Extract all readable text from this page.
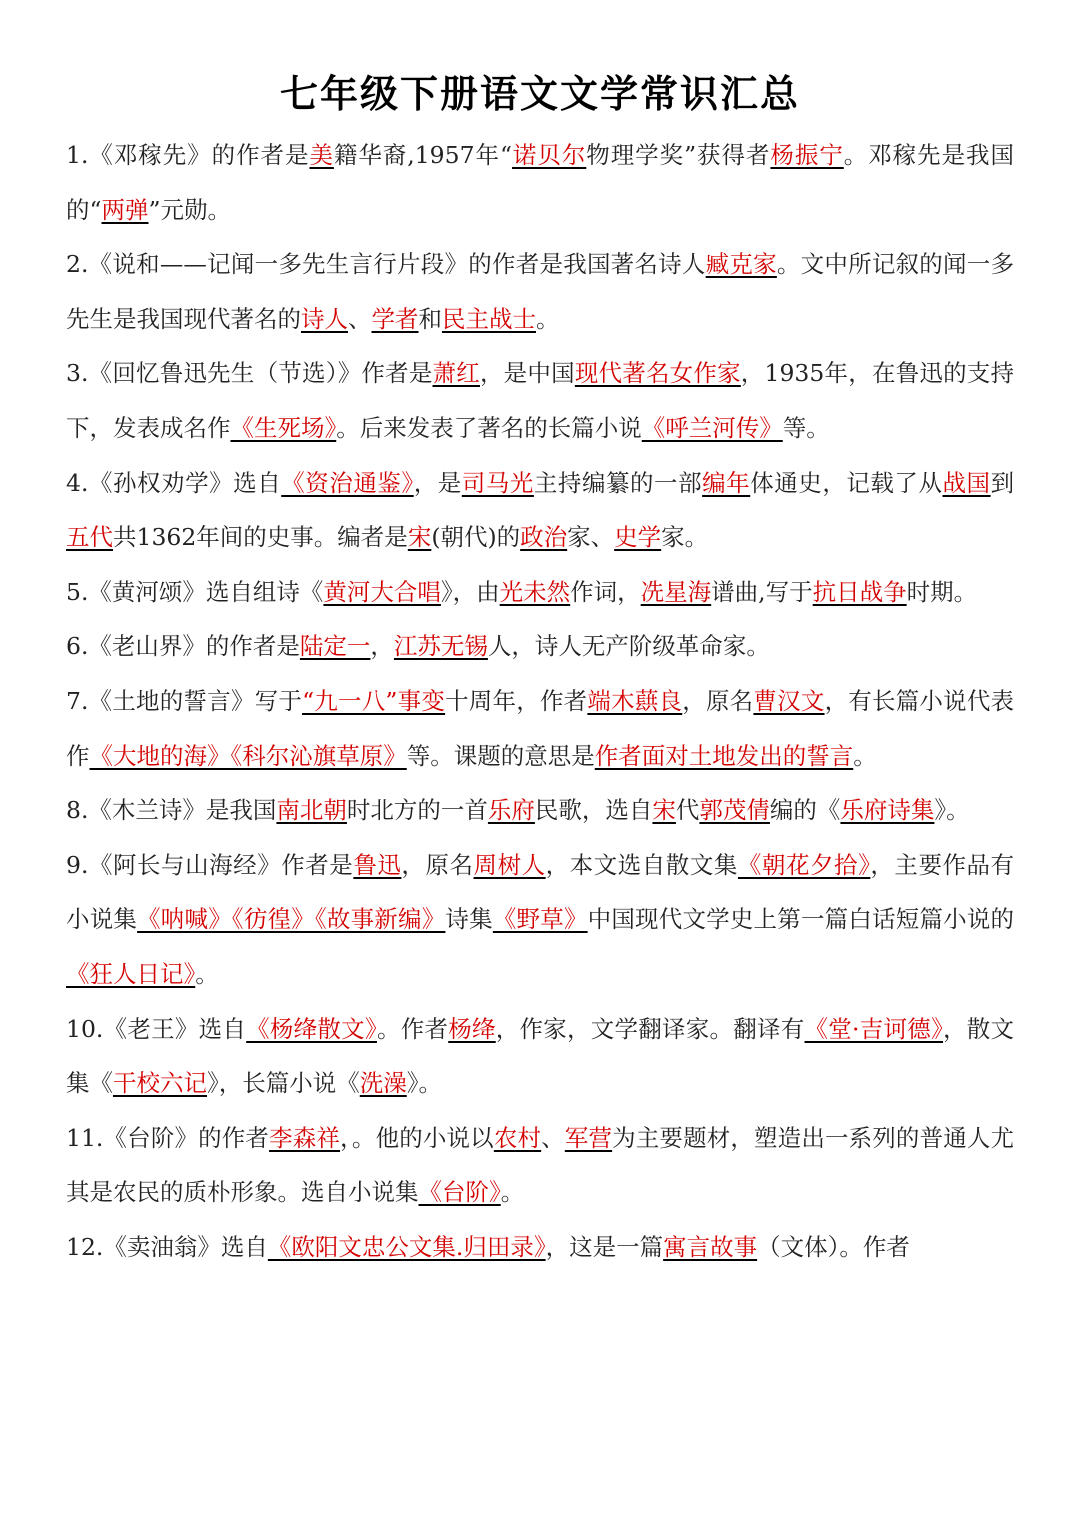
七年级下册语文文学常识汇总

1.《邓稼先》的作者是美籍华裔,1957年“诺贝尔物理学奖”获得者杨振宁。邓稼先是我国的“两弹”元勋。

2.《说和——记闻一多先生言行片段》的作者是我国著名诗人臧克家。文中所记叙的闻一多先生是我国现代著名的诗人、学者和民主战士。

3.《回忆鲁迅先生（节选）》作者是萧红，是中国现代著名女作家，1935年，在鲁迅的支持下，发表成名作《生死场》。后来发表了著名的长篇小说《呼兰河传》等。

4.《孙权劝学》选自《资治通鉴》，是司马光主持编纂的一部编年体通史，记载了从战国到五代共1362年间的史事。编者是宋(朝代)的政治家、史学家。

5.《黄河颂》选自组诗《黄河大合唱》，由光未然作词，冼星海谱曲,写于抗日战争时期。

6.《老山界》的作者是陆定一，江苏无锡人，诗人无产阶级革命家。

7.《土地的誓言》写于“九一八”事变十周年，作者端木蕻良，原名曹汉文，有长篇小说代表作《大地的海》《科尔沁旗草原》等。课题的意思是作者面对土地发出的誓言。

8.《木兰诗》是我国南北朝时北方的一首乐府民歌，选自宋代郭茂倩编的《乐府诗集》。

9.《阿长与山海经》作者是鲁迅，原名周树人，本文选自散文集《朝花夕拾》，主要作品有小说集《呐喊》《彷徨》《故事新编》诗集《野草》中国现代文学史上第一篇白话短篇小说的《狂人日记》。

10.《老王》选自《杨绛散文》。作者杨绛，作家，文学翻译家。翻译有《堂·吉诃德》，散文集《干校六记》，长篇小说《洗澡》。

11.《台阶》的作者李森祥，。他的小说以农村、军营为主要题材，塑造出一系列的普通人尤其是农民的质朴形象。选自小说集《台阶》。

12.《卖油翁》选自《欧阳文忠公文集.归田录》，这是一篇寓言故事（文体）。作者
